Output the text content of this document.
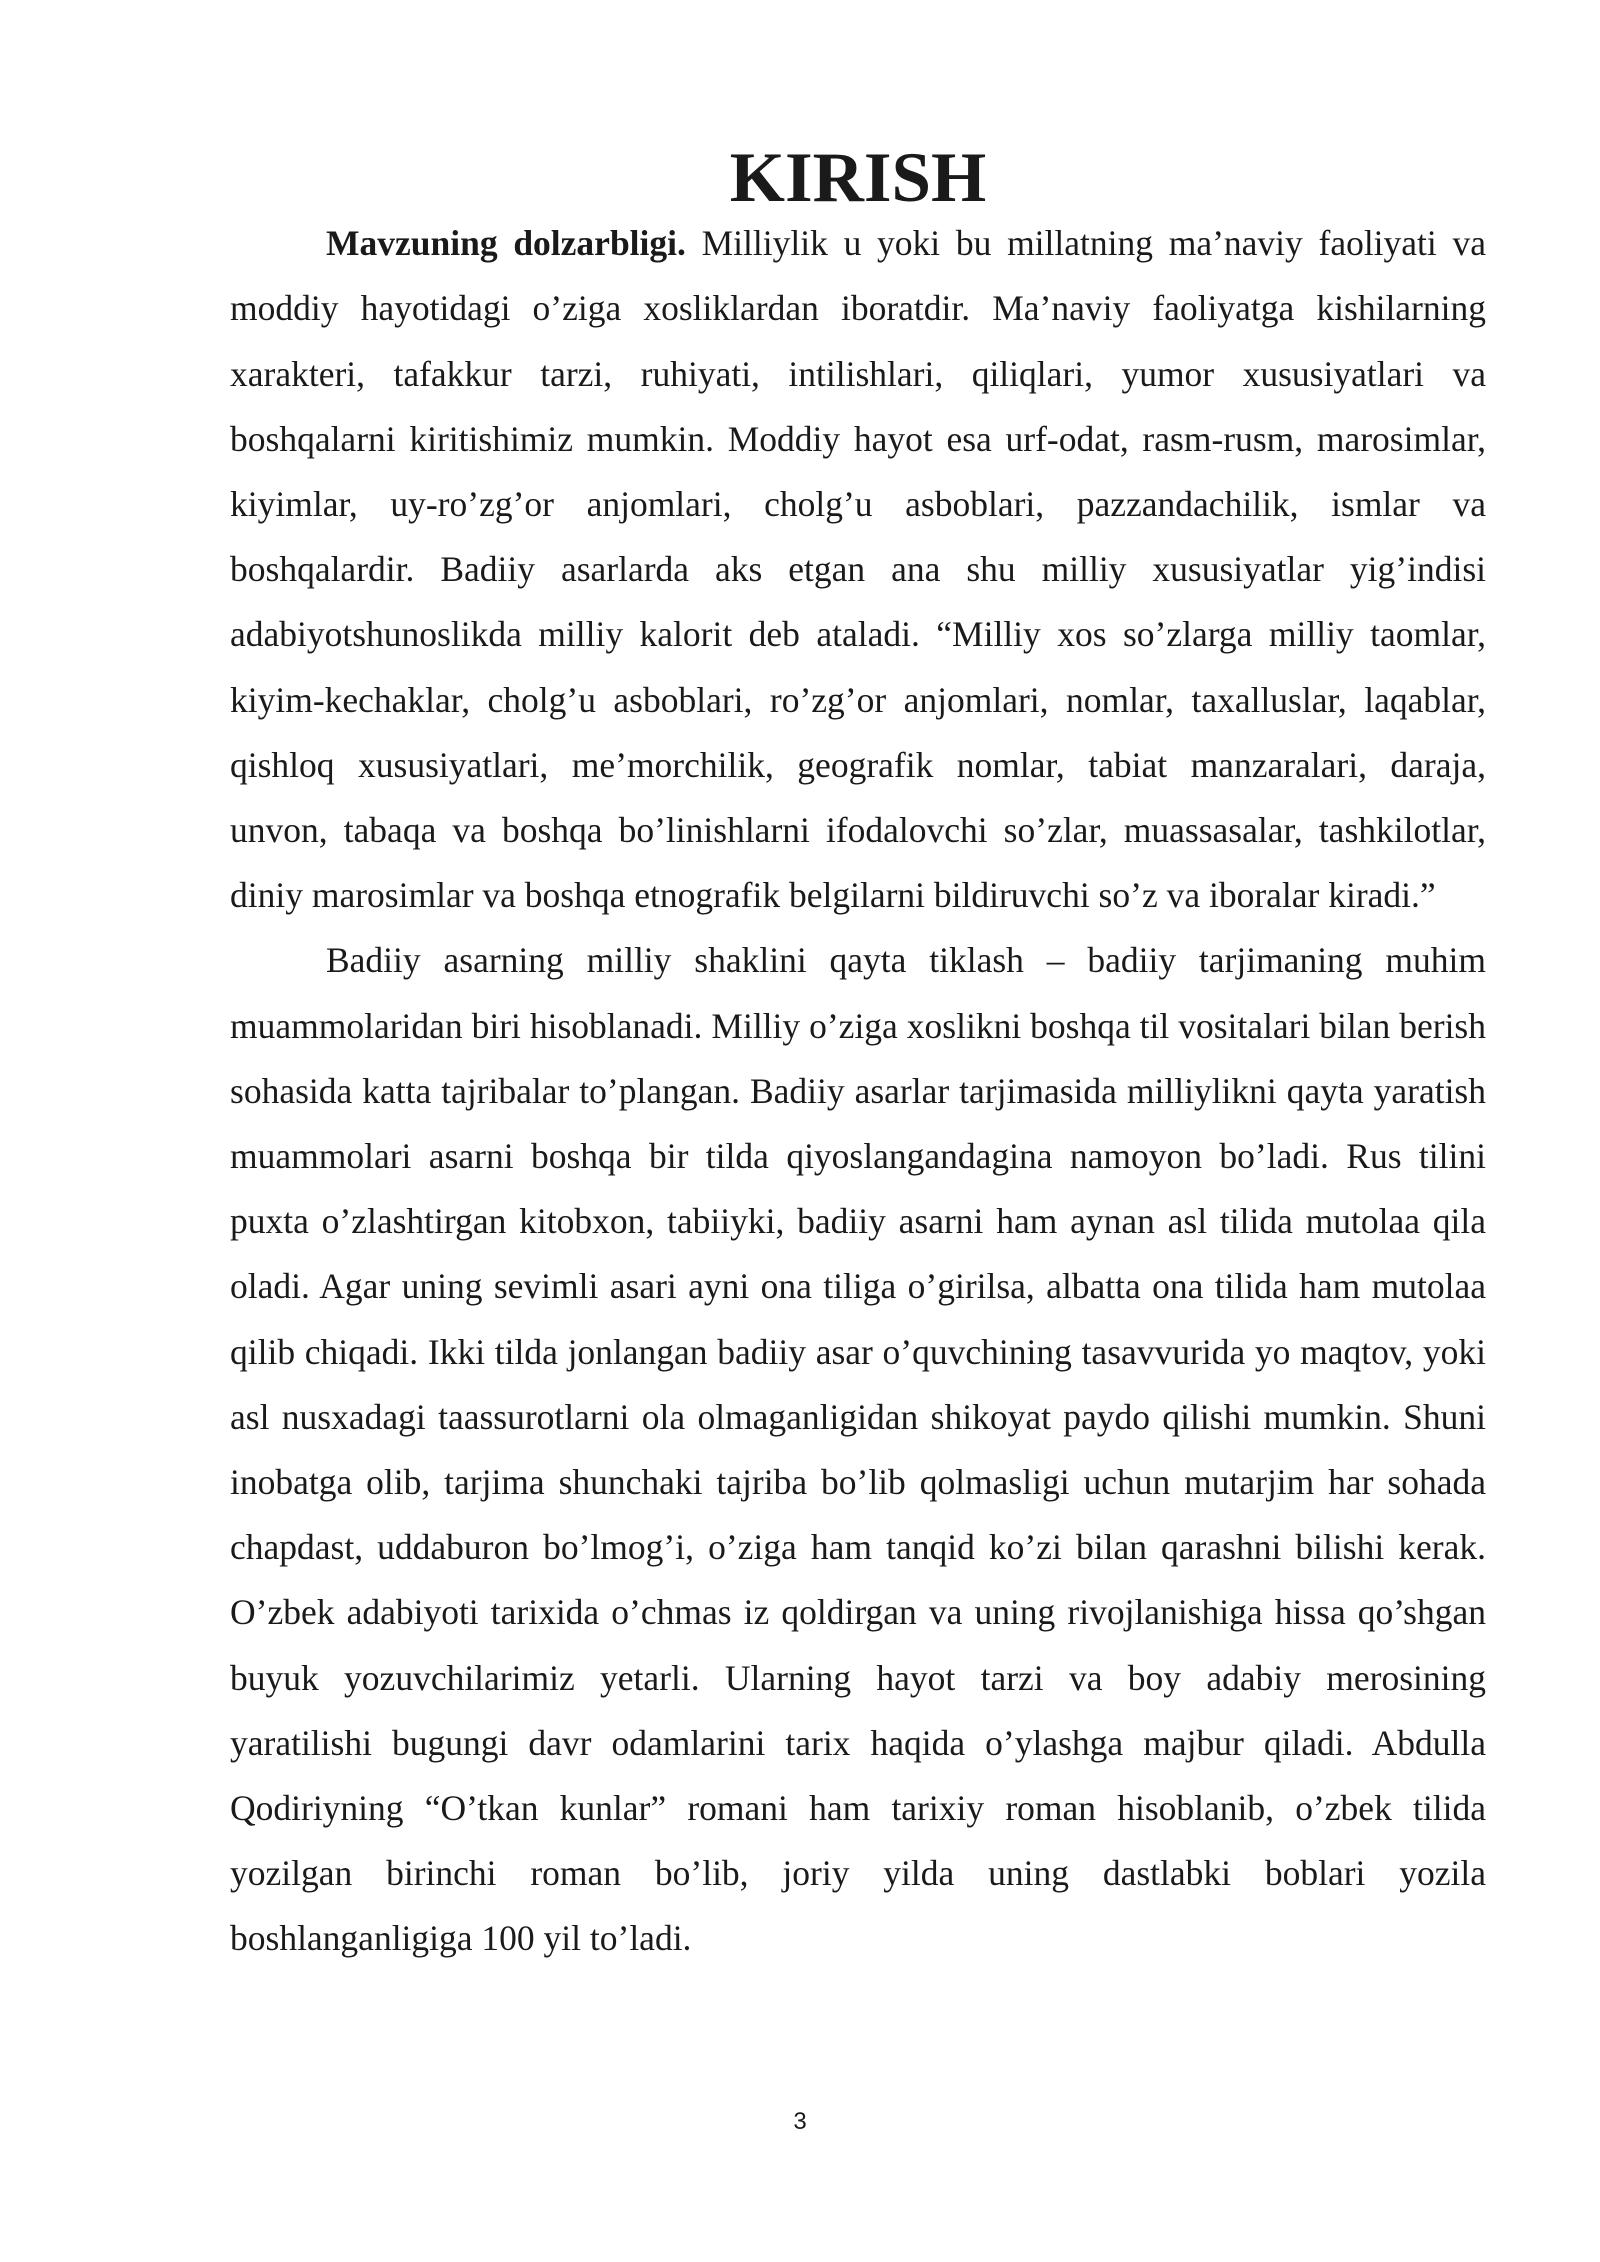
KIRISH

Mavzuning dolzarbligi. Milliylik u yoki bu millatning ma’naviy faoliyati va moddiy hayotidagi o’ziga xosliklardan iboratdir. Ma’naviy faoliyatga kishilarning xarakteri, tafakkur tarzi, ruhiyati, intilishlari, qiliqlari, yumor xususiyatlari va boshqalarni kiritishimiz mumkin. Moddiy hayot esa urf-odat, rasm-rusm, marosimlar, kiyimlar, uy-ro’zg’or anjomlari, cholg’u asboblari, pazzandachilik, ismlar va boshqalardir. Badiiy asarlarda aks etgan ana shu milliy xususiyatlar yig’indisi adabiyotshunoslikda milliy kalorit deb ataladi. “Milliy xos so’zlarga milliy taomlar, kiyim-kechaklar, cholg’u asboblari, ro’zg’or anjomlari, nomlar, taxalluslar, laqablar, qishloq xususiyatlari, me’morchilik, geografik nomlar, tabiat manzaralari, daraja, unvon, tabaqa va boshqa bo’linishlarni ifodalovchi so’zlar, muassasalar, tashkilotlar, diniy marosimlar va boshqa etnografik belgilarni bildiruvchi so’z va iboralar kiradi.”

Badiiy asarning milliy shaklini qayta tiklash – badiiy tarjimaning muhim muammolaridan biri hisoblanadi. Milliy o’ziga xoslikni boshqa til vositalari bilan berish sohasida katta tajribalar to’plangan. Badiiy asarlar tarjimasida milliylikni qayta yaratish muammolari asarni boshqa bir tilda qiyoslangandagina namoyon bo’ladi. Rus tilini puxta o’zlashtirgan kitobxon, tabiiyki, badiiy asarni ham aynan asl tilida mutolaa qila oladi. Agar uning sevimli asari ayni ona tiliga o’girilsa, albatta ona tilida ham mutolaa qilib chiqadi. Ikki tilda jonlangan badiiy asar o’quvchining tasavvurida yo maqtov, yoki asl nusxadagi taassurotlarni ola olmaganligidan shikoyat paydo qilishi mumkin. Shuni inobatga olib, tarjima shunchaki tajriba bo’lib qolmasligi uchun mutarjim har sohada chapdast, uddaburon bo’lmog’i, o’ziga ham tanqid ko’zi bilan qarashni bilishi kerak. O’zbek adabiyoti tarixida o’chmas iz qoldirgan va uning rivojlanishiga hissa qo’shgan buyuk yozuvchilarimiz yetarli. Ularning hayot tarzi va boy adabiy merosining yaratilishi bugungi davr odamlarini tarix haqida o’ylashga majbur qiladi. Abdulla Qodiriyning “O’tkan kunlar” romani ham tarixiy roman hisoblanib, o’zbek tilida yozilgan birinchi roman bo’lib, joriy yilda uning dastlabki boblari yozila boshlanganligiga 100 yil to’ladi.

3
